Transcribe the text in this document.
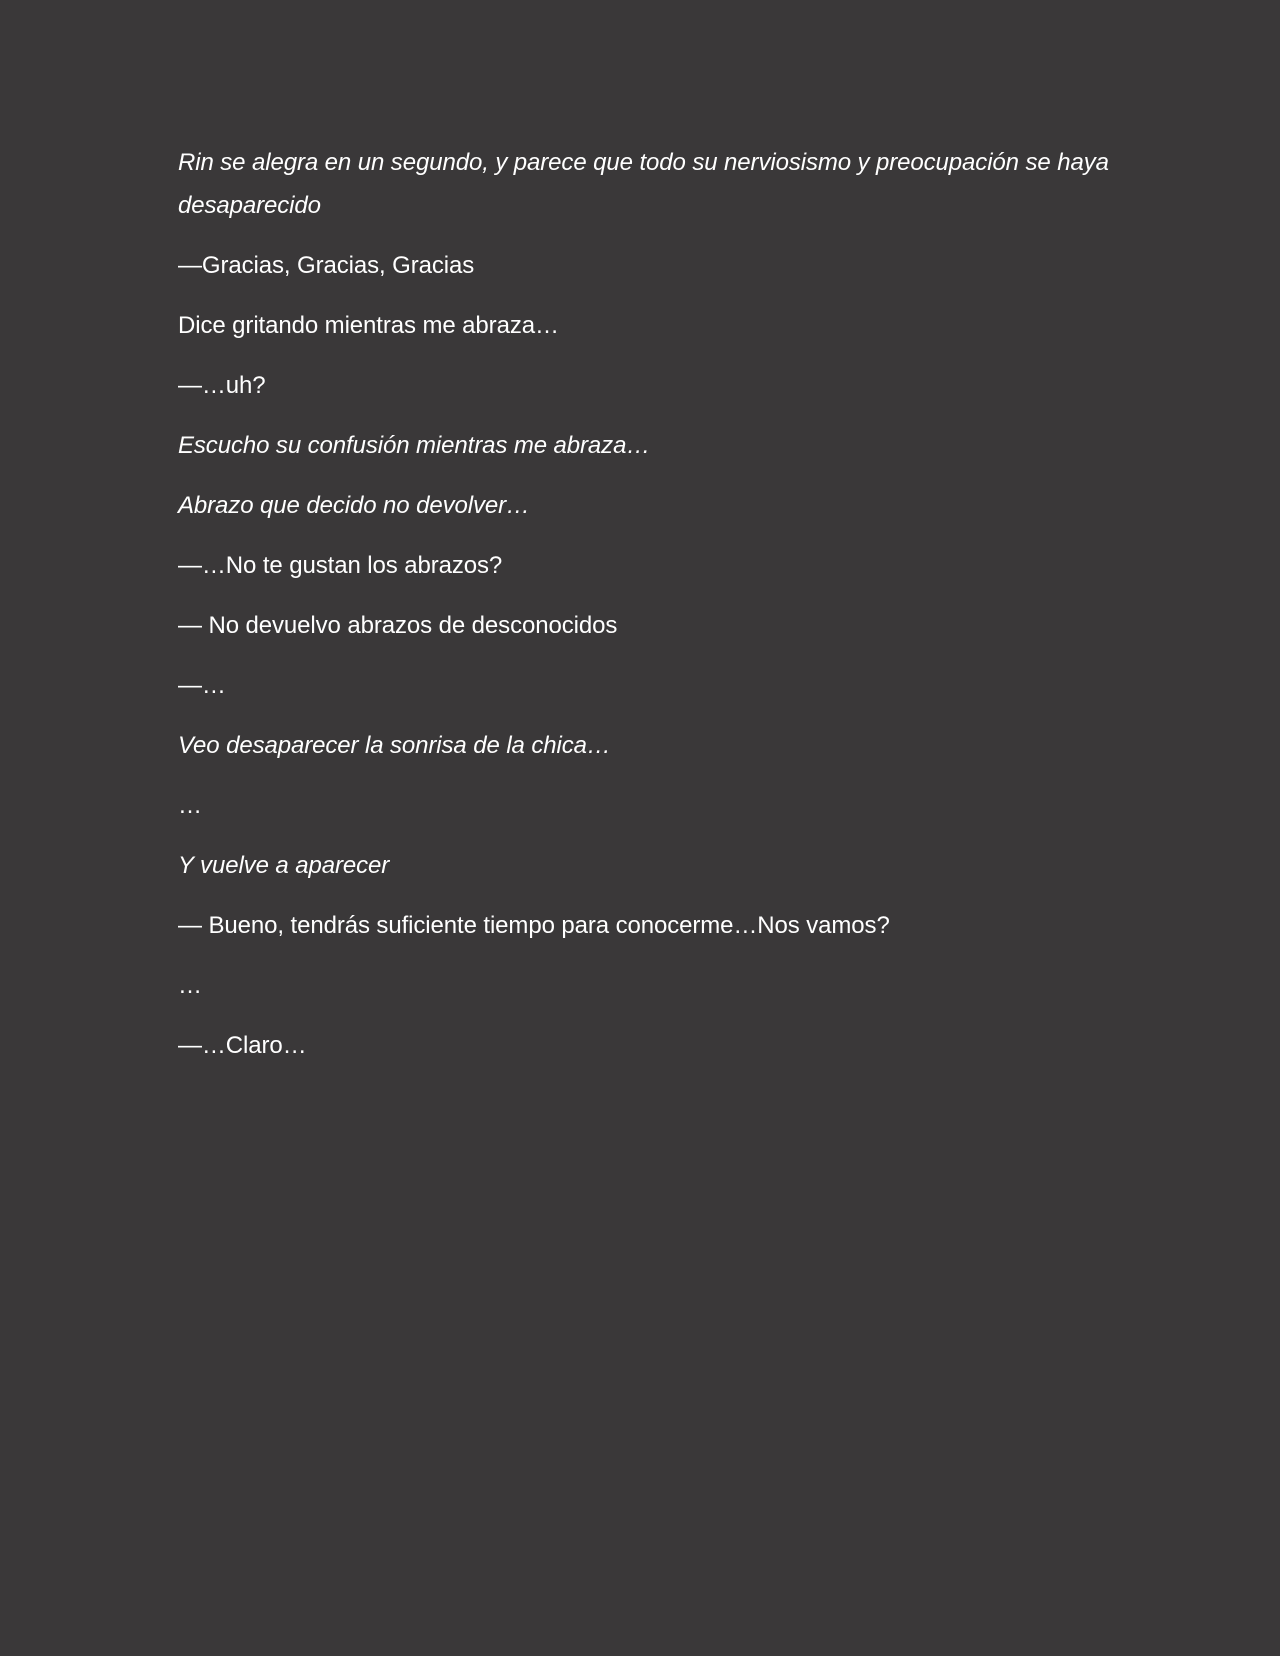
Rin se alegra en un segundo, y parece que todo su nerviosismo y preocupación se haya desaparecido

—Gracias, Gracias, Gracias

Dice gritando mientras me abraza…

—…uh?

Escucho su confusión mientras me abraza…

Abrazo que decido no devolver…

—…No te gustan los abrazos?

— No devuelvo abrazos de desconocidos

—…

Veo desaparecer la sonrisa de la chica…

…

Y vuelve a aparecer

— Bueno, tendrás suficiente tiempo para conocerme…Nos vamos?

…

—…Claro…
